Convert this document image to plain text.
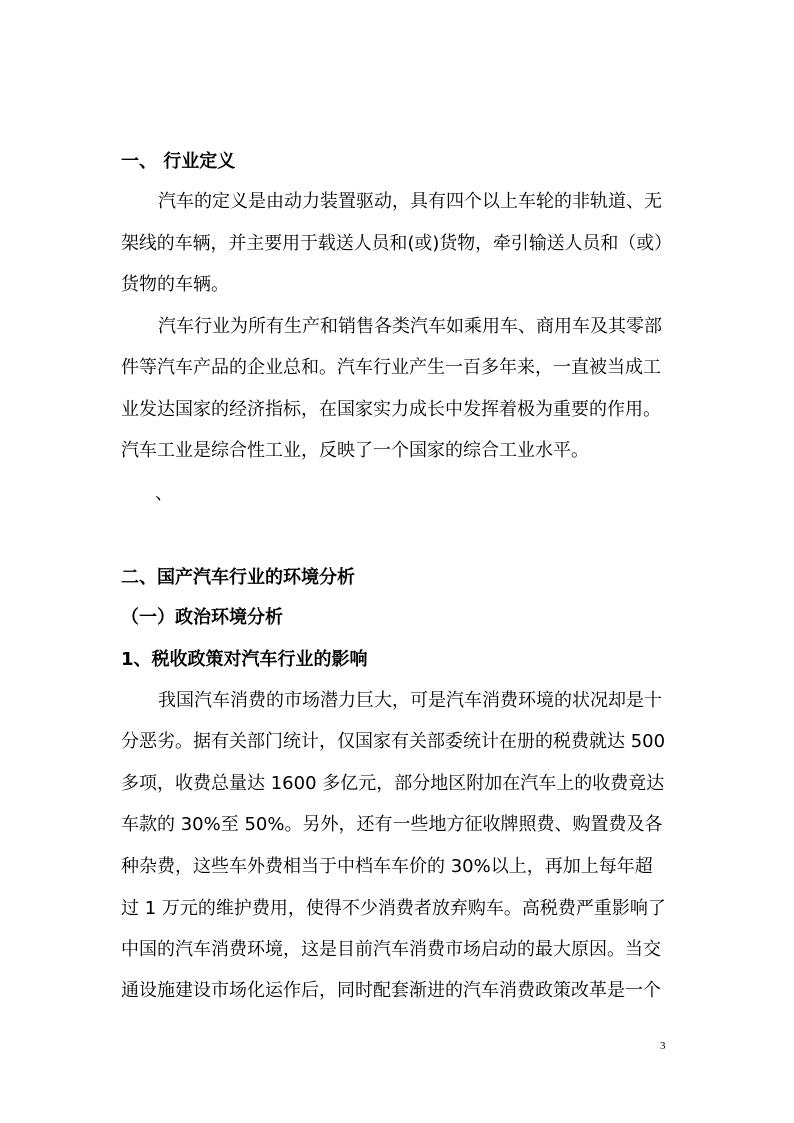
一、 行业定义
汽车的定义是由动力装置驱动，具有四个以上车轮的非轨道、无
架线的车辆，并主要用于载送人员和(或)货物，牵引输送人员和（或）
货物的车辆。
汽车行业为所有生产和销售各类汽车如乘用车、商用车及其零部
件等汽车产品的企业总和。汽车行业产生一百多年来，一直被当成工
业发达国家的经济指标，在国家实力成长中发挥着极为重要的作用。
汽车工业是综合性工业，反映了一个国家的综合工业水平。
、
二、国产汽车行业的环境分析
（一）政治环境分析
1、税收政策对汽车行业的影响
我国汽车消费的市场潜力巨大，可是汽车消费环境的状况却是十
分恶劣。据有关部门统计，仅国家有关部委统计在册的税费就达 500
多项，收费总量达 1600 多亿元，部分地区附加在汽车上的收费竟达
车款的 30%至 50%。另外，还有一些地方征收牌照费、购置费及各
种杂费，这些车外费相当于中档车车价的 30%以上，再加上每年超
过 1 万元的维护费用，使得不少消费者放弃购车。高税费严重影响了
中国的汽车消费环境，这是目前汽车消费市场启动的最大原因。当交
通设施建设市场化运作后，同时配套渐进的汽车消费政策改革是一个
3
